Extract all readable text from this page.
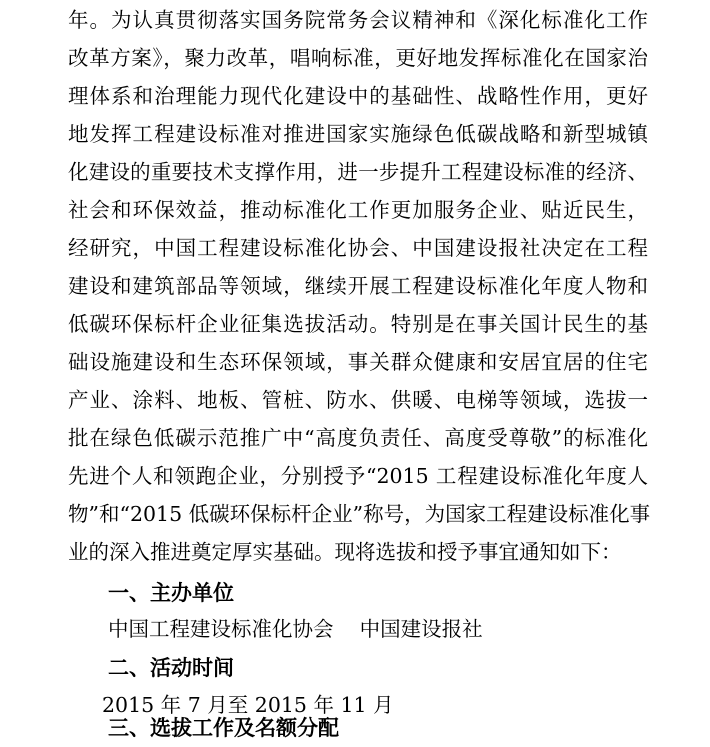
年。为认真贯彻落实国务院常务会议精神和《深化标准化工作
改革方案》，聚力改革，唱响标准，更好地发挥标准化在国家治
理体系和治理能力现代化建设中的基础性、战略性作用，更好
地发挥工程建设标准对推进国家实施绿色低碳战略和新型城镇
化建设的重要技术支撑作用，进一步提升工程建设标准的经济、
社会和环保效益，推动标准化工作更加服务企业、贴近民生，
经研究，中国工程建设标准化协会、中国建设报社决定在工程
建设和建筑部品等领域，继续开展工程建设标准化年度人物和
低碳环保标杆企业征集选拔活动。特别是在事关国计民生的基
础设施建设和生态环保领域，事关群众健康和安居宜居的住宅
产业、涂料、地板、管桩、防水、供暖、电梯等领域，选拔一
批在绿色低碳示范推广中“高度负责任、高度受尊敬”的标准化
先进个人和领跑企业，分别授予“2015 工程建设标准化年度人
物”和“2015 低碳环保标杆企业”称号，为国家工程建设标准化事
业的深入推进奠定厚实基础。现将选拔和授予事宜通知如下：
一、主办单位
中国工程建设标准化协会    中国建设报社
二、活动时间
2015 年 7 月至 2015 年 11 月
三、选拔工作及名额分配
